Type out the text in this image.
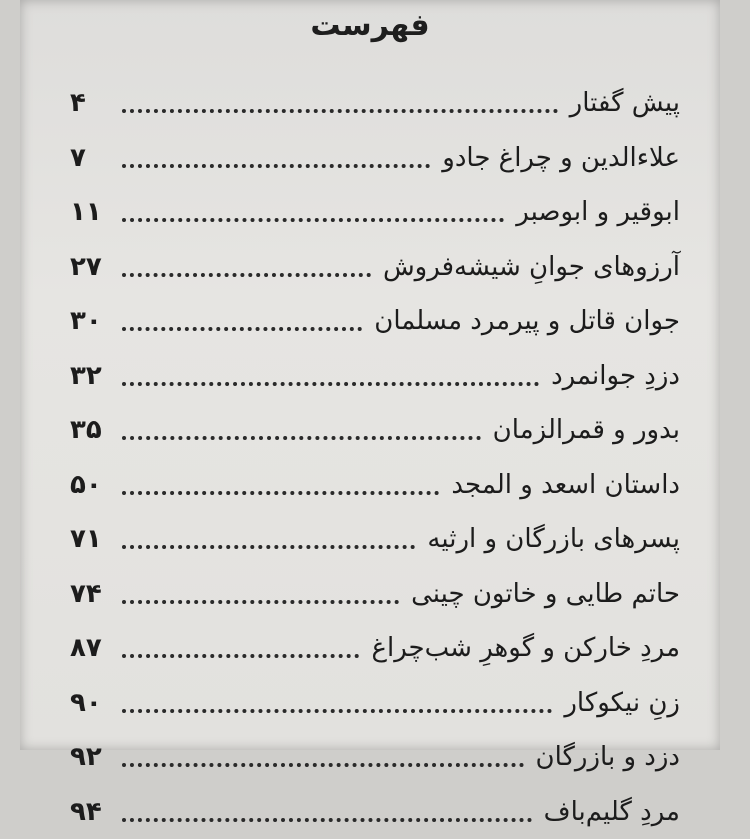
فهرست
پیش گفتار
۴
علاءالدین و چراغ جادو
۷
ابوقیر و ابوصبر
۱۱
آرزوهای جوانِ شیشه‌فروش
۲۷
جوان قاتل و پیرمرد مسلمان
۳۰
دزدِ جوانمرد
۳۲
بدور و قمرالزمان
۳۵
داستان اسعد و المجد
۵۰
پسرهای بازرگان و ارثیه
۷۱
حاتم طایی و خاتون چینی
۷۴
مردِ خارکن و گوهرِ شب‌چراغ
۸۷
زنِ نیکوکار
۹۰
دزد و بازرگان
۹۲
مردِ گلیم‌باف
۹۴
